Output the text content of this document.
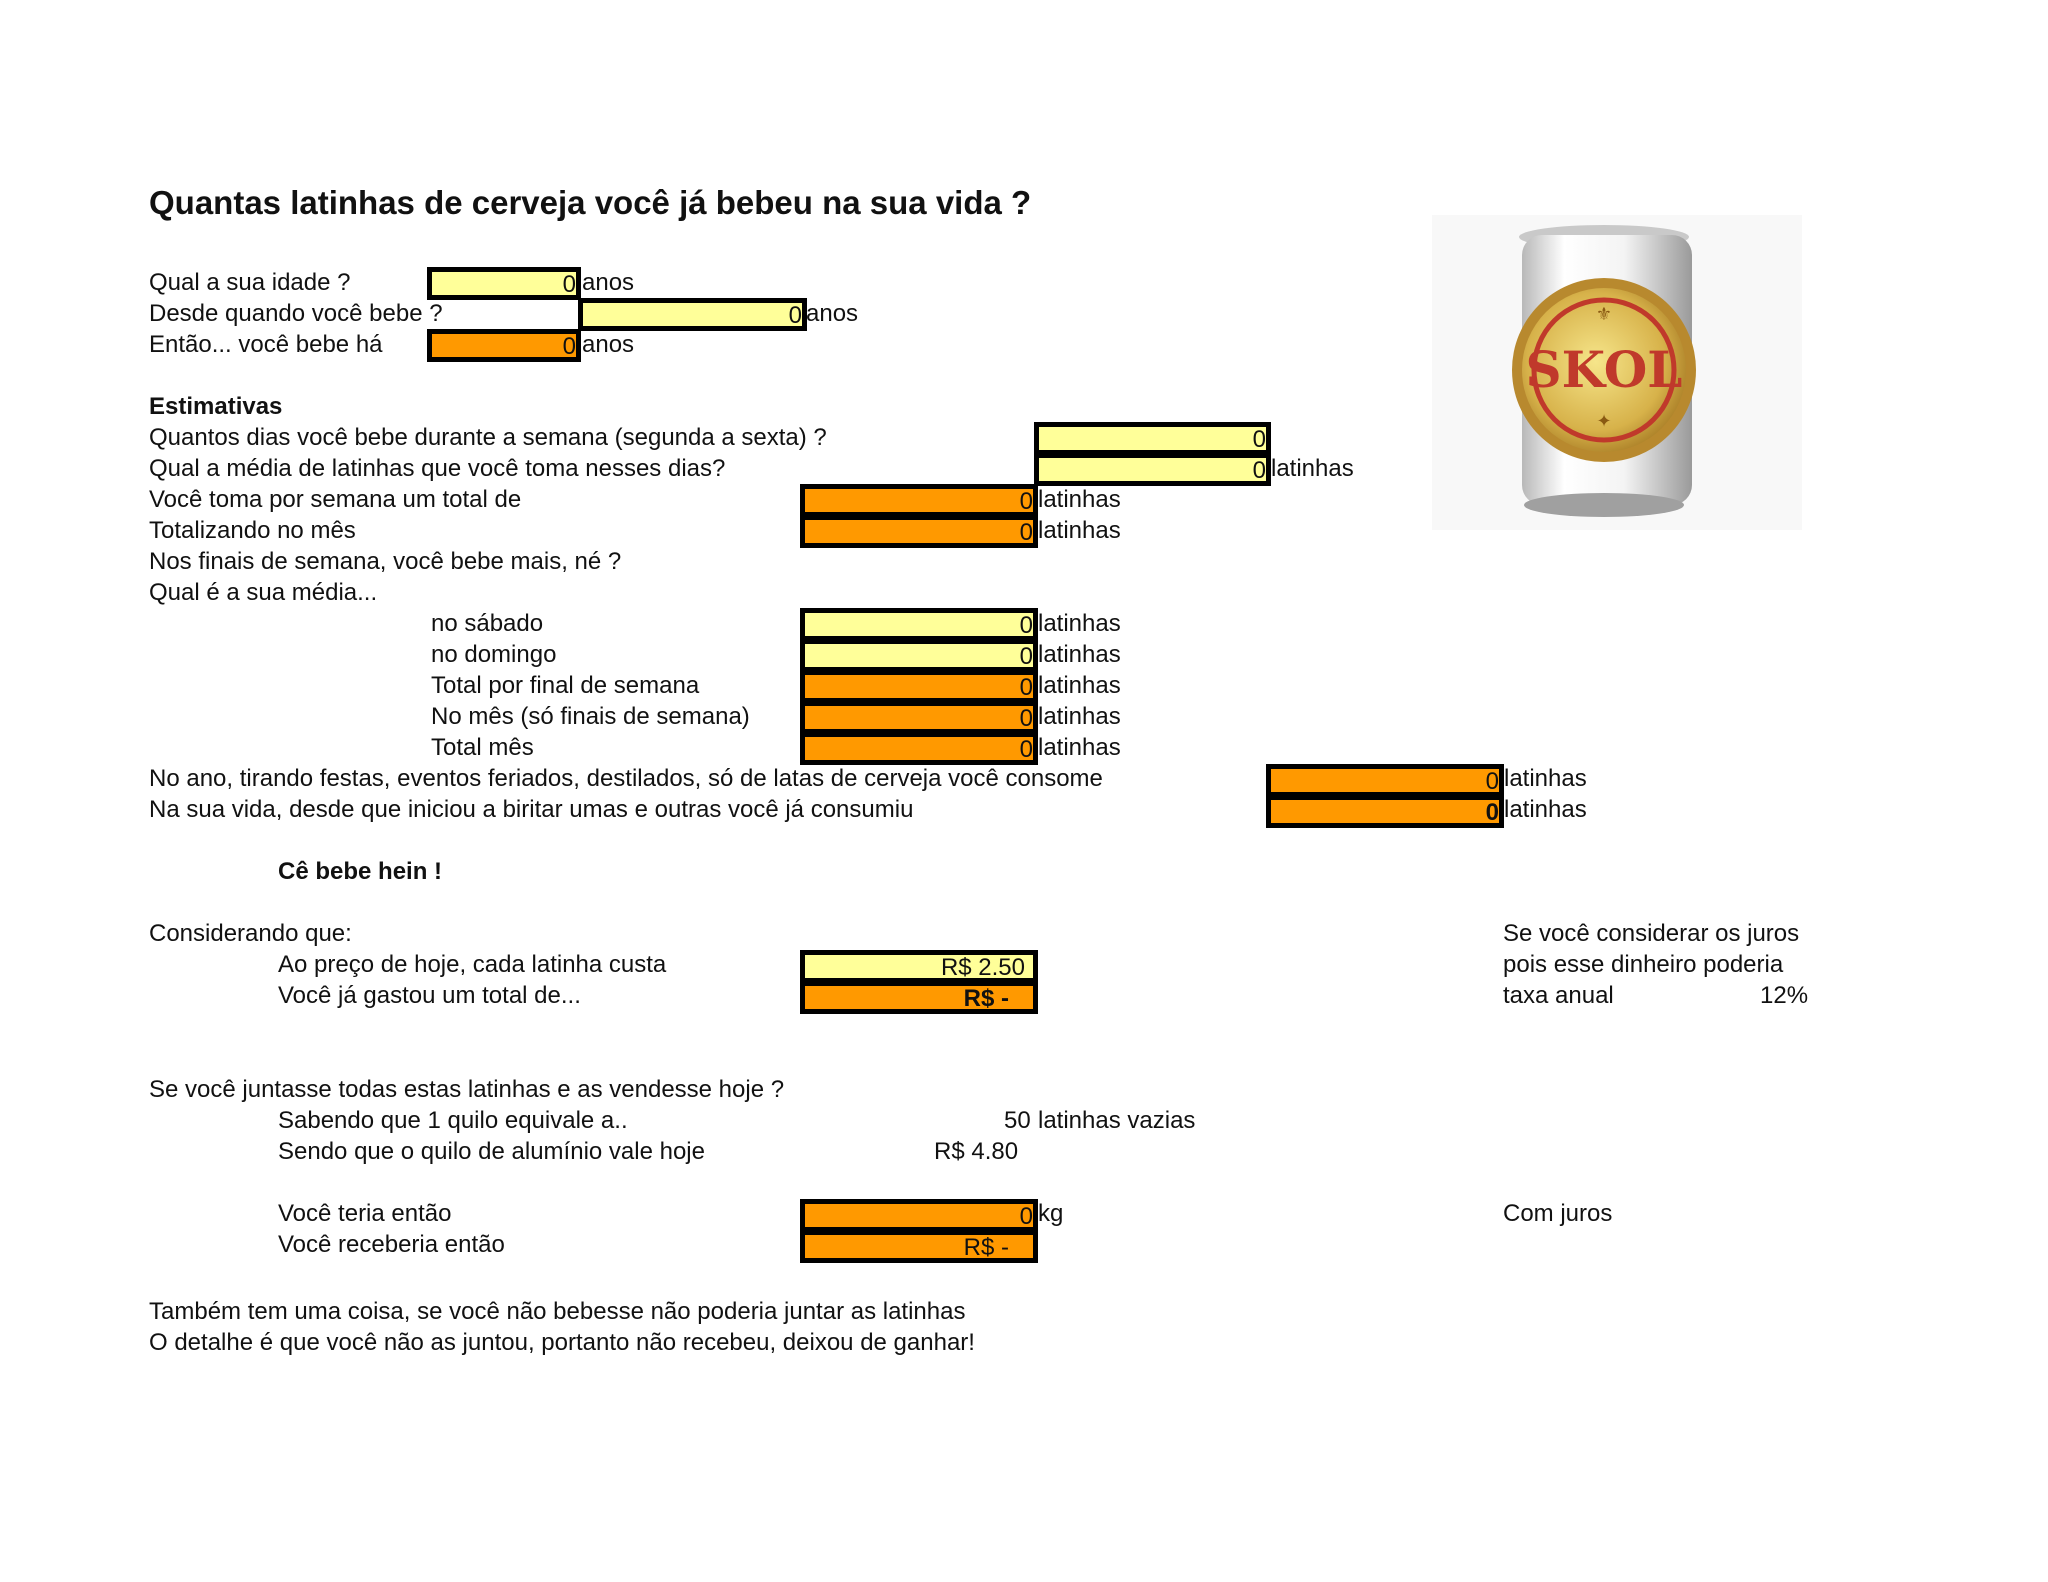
Quantas latinhas de cerveja você já bebeu na sua vida ?
SKOL
⚜
✦
Qual a sua idade ?	0 anos
Desde quando você bebe ?	0 anos
Então... você bebe há	0 anos
Estimativas
Quantos dias você bebe durante a semana (segunda a sexta) ?	0
Qual a média de latinhas que você toma nesses dias?	0 latinhas
Você toma por semana um total de	0 latinhas
Totalizando no mês	0 latinhas
Nos finais de semana, você bebe mais, né ?
Qual é a sua média...
no sábado	0 latinhas
no domingo	0 latinhas
Total por final de semana	0 latinhas
No mês (só finais de semana)	0 latinhas
Total mês	0 latinhas
No ano, tirando festas, eventos feriados, destilados, só de latas de cerveja você consome	0 latinhas
Na sua vida, desde que iniciou a biritar umas e outras você já consumiu	0 latinhas
Cê bebe hein !
Considerando que:
Ao preço de hoje, cada latinha custa	R$ 2.50
Você já gastou um total de...	R$ -
Se você considerar os juros
pois esse dinheiro poderia
taxa anual	12%
Se você juntasse todas estas latinhas e as vendesse hoje ?
Sabendo que 1 quilo equivale a..	50 latinhas vazias
Sendo que o quilo de alumínio vale hoje	R$ 4.80
Você teria então	0 kg
Você receberia então	R$ -
Com juros
Também tem uma coisa, se você não bebesse não poderia juntar as latinhas
O detalhe é que você não as juntou, portanto não recebeu, deixou de ganhar!
